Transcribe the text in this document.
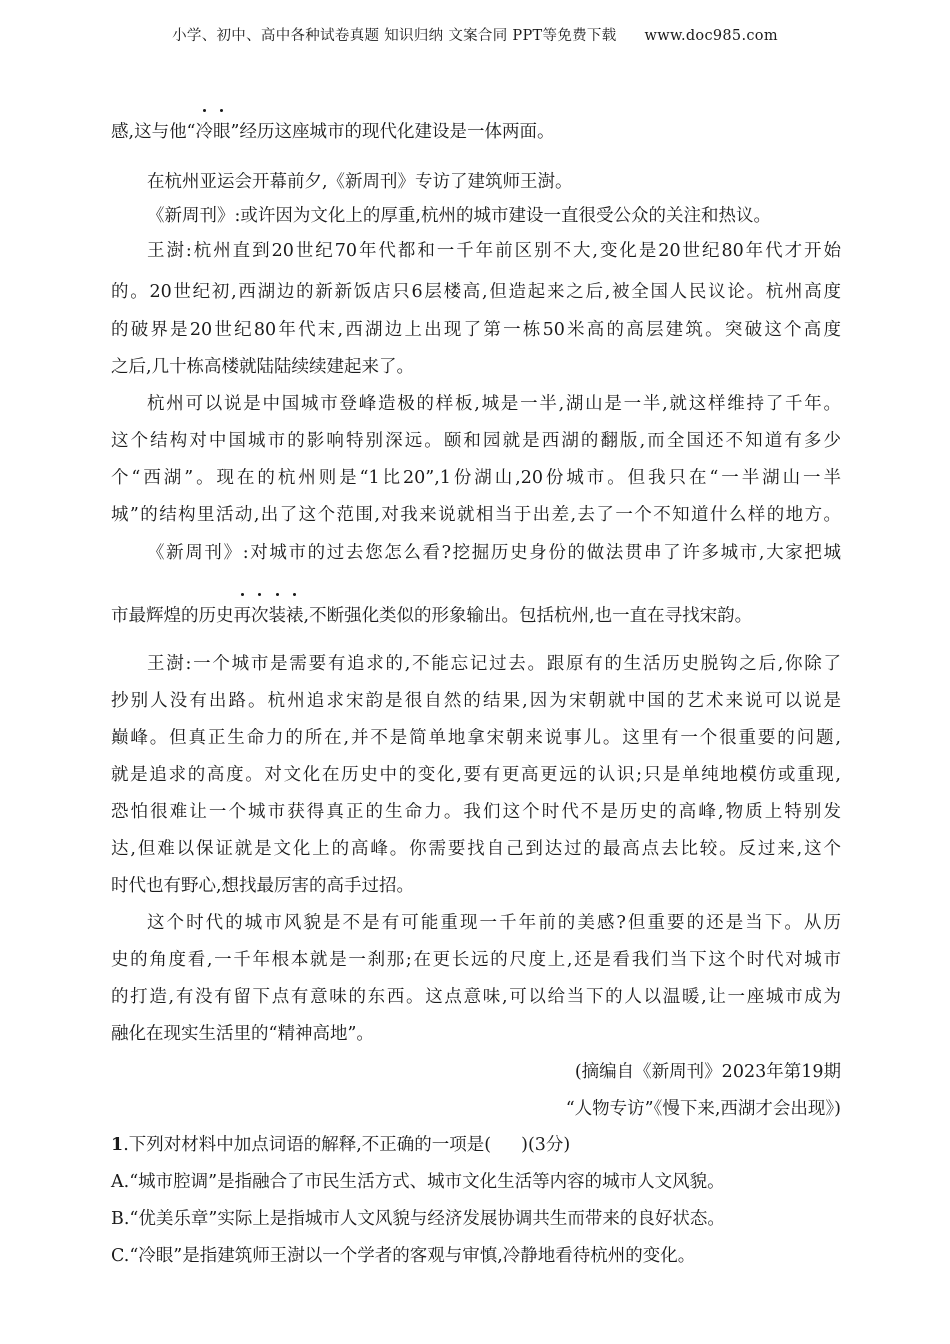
小学、初中、高中各种试卷真题 知识归纳 文案合同 PPT等免费下载 www.doc985.com
感,这与他“冷眼”经历这座城市的现代化建设是一体两面。
在杭州亚运会开幕前夕,《新周刊》专访了建筑师王澍。
《新周刊》:或许因为文化上的厚重,杭州的城市建设一直很受公众的关注和热议。
王澍:杭州直到20世纪70年代都和一千年前区别不大,变化是20世纪80年代才开始
的。20世纪初,西湖边的新新饭店只6层楼高,但造起来之后,被全国人民议论。杭州高度
的破界是20世纪80年代末,西湖边上出现了第一栋50米高的高层建筑。突破这个高度
之后,几十栋高楼就陆陆续续建起来了。
杭州可以说是中国城市登峰造极的样板,城是一半,湖山是一半,就这样维持了千年。
这个结构对中国城市的影响特别深远。颐和园就是西湖的翻版,而全国还不知道有多少
个“西湖”。现在的杭州则是“1比20”,1份湖山,20份城市。但我只在“一半湖山一半
城”的结构里活动,出了这个范围,对我来说就相当于出差,去了一个不知道什么样的地方。
《新周刊》:对城市的过去您怎么看?挖掘历史身份的做法贯串了许多城市,大家把城
市最辉煌的历史再次装裱,不断强化类似的形象输出。包括杭州,也一直在寻找宋韵。
王澍:一个城市是需要有追求的,不能忘记过去。跟原有的生活历史脱钩之后,你除了
抄别人没有出路。杭州追求宋韵是很自然的结果,因为宋朝就中国的艺术来说可以说是
巅峰。但真正生命力的所在,并不是简单地拿宋朝来说事儿。这里有一个很重要的问题,
就是追求的高度。对文化在历史中的变化,要有更高更远的认识;只是单纯地模仿或重现,
恐怕很难让一个城市获得真正的生命力。我们这个时代不是历史的高峰,物质上特别发
达,但难以保证就是文化上的高峰。你需要找自己到达过的最高点去比较。反过来,这个
时代也有野心,想找最厉害的高手过招。
这个时代的城市风貌是不是有可能重现一千年前的美感?但重要的还是当下。从历
史的角度看,一千年根本就是一刹那;在更长远的尺度上,还是看我们当下这个时代对城市
的打造,有没有留下点有意味的东西。这点意味,可以给当下的人以温暖,让一座城市成为
融化在现实生活里的“精神高地”。
(摘编自《新周刊》2023年第19期
“人物专访”《慢下来,西湖才会出现》)
1.下列对材料中加点词语的解释,不正确的一项是( )(3分)
A.“城市腔调”是指融合了市民生活方式、城市文化生活等内容的城市人文风貌。
B.“优美乐章”实际上是指城市人文风貌与经济发展协调共生而带来的良好状态。
C.“冷眼”是指建筑师王澍以一个学者的客观与审慎,冷静地看待杭州的变化。
